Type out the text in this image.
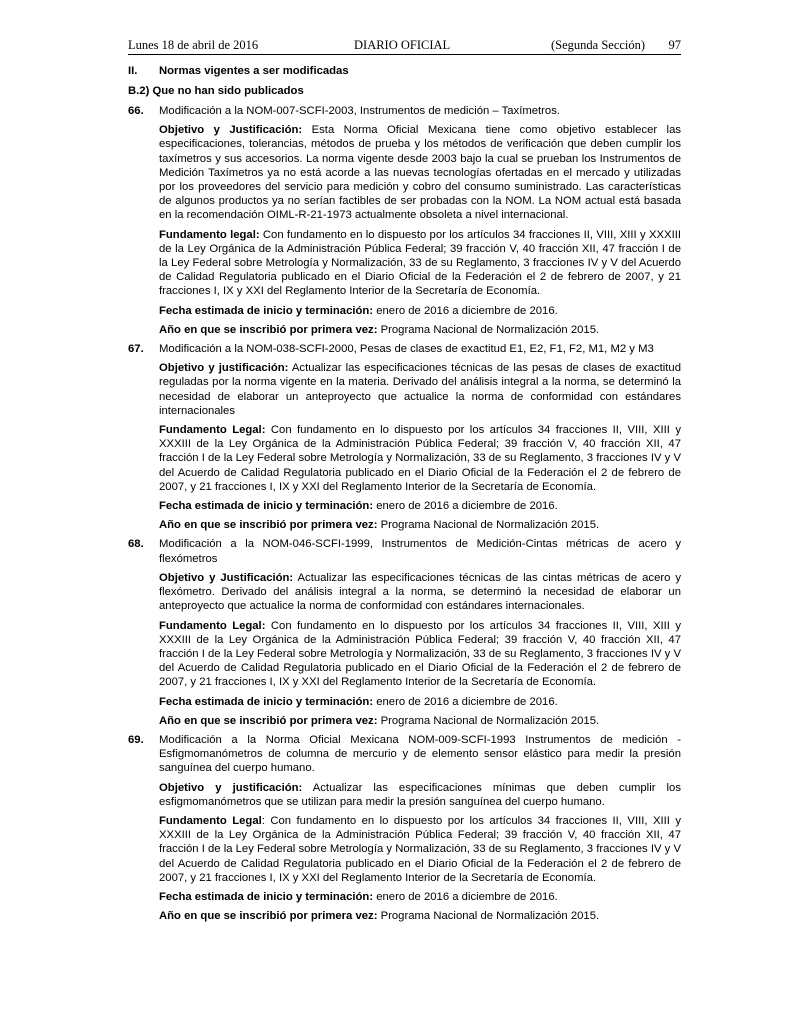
Lunes 18 de abril de 2016	DIARIO OFICIAL	(Segunda Sección) 97
II. Normas vigentes a ser modificadas
B.2) Que no han sido publicados
66. Modificación a la NOM-007-SCFI-2003, Instrumentos de medición – Taxímetros.
Objetivo y Justificación: Esta Norma Oficial Mexicana tiene como objetivo establecer las especificaciones, tolerancias, métodos de prueba y los métodos de verificación que deben cumplir los taxímetros y sus accesorios. La norma vigente desde 2003 bajo la cual se prueban los Instrumentos de Medición Taxímetros ya no está acorde a las nuevas tecnologías ofertadas en el mercado y utilizadas por los proveedores del servicio para medición y cobro del consumo suministrado. Las características de algunos productos ya no serían factibles de ser probadas con la NOM. La NOM actual está basada en la recomendación OIML-R-21-1973 actualmente obsoleta a nivel internacional.
Fundamento legal: Con fundamento en lo dispuesto por los artículos 34 fracciones II, VIII, XIII y XXXIII de la Ley Orgánica de la Administración Pública Federal; 39 fracción V, 40 fracción XII, 47 fracción I de la Ley Federal sobre Metrología y Normalización, 33 de su Reglamento, 3 fracciones IV y V del Acuerdo de Calidad Regulatoria publicado en el Diario Oficial de la Federación el 2 de febrero de 2007, y 21 fracciones I, IX y XXI del Reglamento Interior de la Secretaría de Economía.
Fecha estimada de inicio y terminación: enero de 2016 a diciembre de 2016.
Año en que se inscribió por primera vez: Programa Nacional de Normalización 2015.
67. Modificación a la NOM-038-SCFI-2000, Pesas de clases de exactitud E1, E2, F1, F2, M1, M2 y M3
Objetivo y justificación: Actualizar las especificaciones técnicas de las pesas de clases de exactitud reguladas por la norma vigente en la materia. Derivado del análisis integral a la norma, se determinó la necesidad de elaborar un anteproyecto que actualice la norma de conformidad con estándares internacionales
Fundamento Legal: Con fundamento en lo dispuesto por los artículos 34 fracciones II, VIII, XIII y XXXIII de la Ley Orgánica de la Administración Pública Federal; 39 fracción V, 40 fracción XII, 47 fracción I de la Ley Federal sobre Metrología y Normalización, 33 de su Reglamento, 3 fracciones IV y V del Acuerdo de Calidad Regulatoria publicado en el Diario Oficial de la Federación el 2 de febrero de 2007, y 21 fracciones I, IX y XXI del Reglamento Interior de la Secretaría de Economía.
Fecha estimada de inicio y terminación: enero de 2016 a diciembre de 2016.
Año en que se inscribió por primera vez: Programa Nacional de Normalización 2015.
68. Modificación a la NOM-046-SCFI-1999, Instrumentos de Medición-Cintas métricas de acero y flexómetros
Objetivo y Justificación: Actualizar las especificaciones técnicas de las cintas métricas de acero y flexómetro. Derivado del análisis integral a la norma, se determinó la necesidad de elaborar un anteproyecto que actualice la norma de conformidad con estándares internacionales.
Fundamento Legal: Con fundamento en lo dispuesto por los artículos 34 fracciones II, VIII, XIII y XXXIII de la Ley Orgánica de la Administración Pública Federal; 39 fracción V, 40 fracción XII, 47 fracción I de la Ley Federal sobre Metrología y Normalización, 33 de su Reglamento, 3 fracciones IV y V del Acuerdo de Calidad Regulatoria publicado en el Diario Oficial de la Federación el 2 de febrero de 2007, y 21 fracciones I, IX y XXI del Reglamento Interior de la Secretaría de Economía.
Fecha estimada de inicio y terminación: enero de 2016 a diciembre de 2016.
Año en que se inscribió por primera vez: Programa Nacional de Normalización 2015.
69. Modificación a la Norma Oficial Mexicana NOM-009-SCFI-1993 Instrumentos de medición - Esfigmomanómetros de columna de mercurio y de elemento sensor elástico para medir la presión sanguínea del cuerpo humano.
Objetivo y justificación: Actualizar las especificaciones mínimas que deben cumplir los esfigmomanómetros que se utilizan para medir la presión sanguínea del cuerpo humano.
Fundamento Legal: Con fundamento en lo dispuesto por los artículos 34 fracciones II, VIII, XIII y XXXIII de la Ley Orgánica de la Administración Pública Federal; 39 fracción V, 40 fracción XII, 47 fracción I de la Ley Federal sobre Metrología y Normalización, 33 de su Reglamento, 3 fracciones IV y V del Acuerdo de Calidad Regulatoria publicado en el Diario Oficial de la Federación el 2 de febrero de 2007, y 21 fracciones I, IX y XXI del Reglamento Interior de la Secretaría de Economía.
Fecha estimada de inicio y terminación: enero de 2016 a diciembre de 2016.
Año en que se inscribió por primera vez: Programa Nacional de Normalización 2015.
